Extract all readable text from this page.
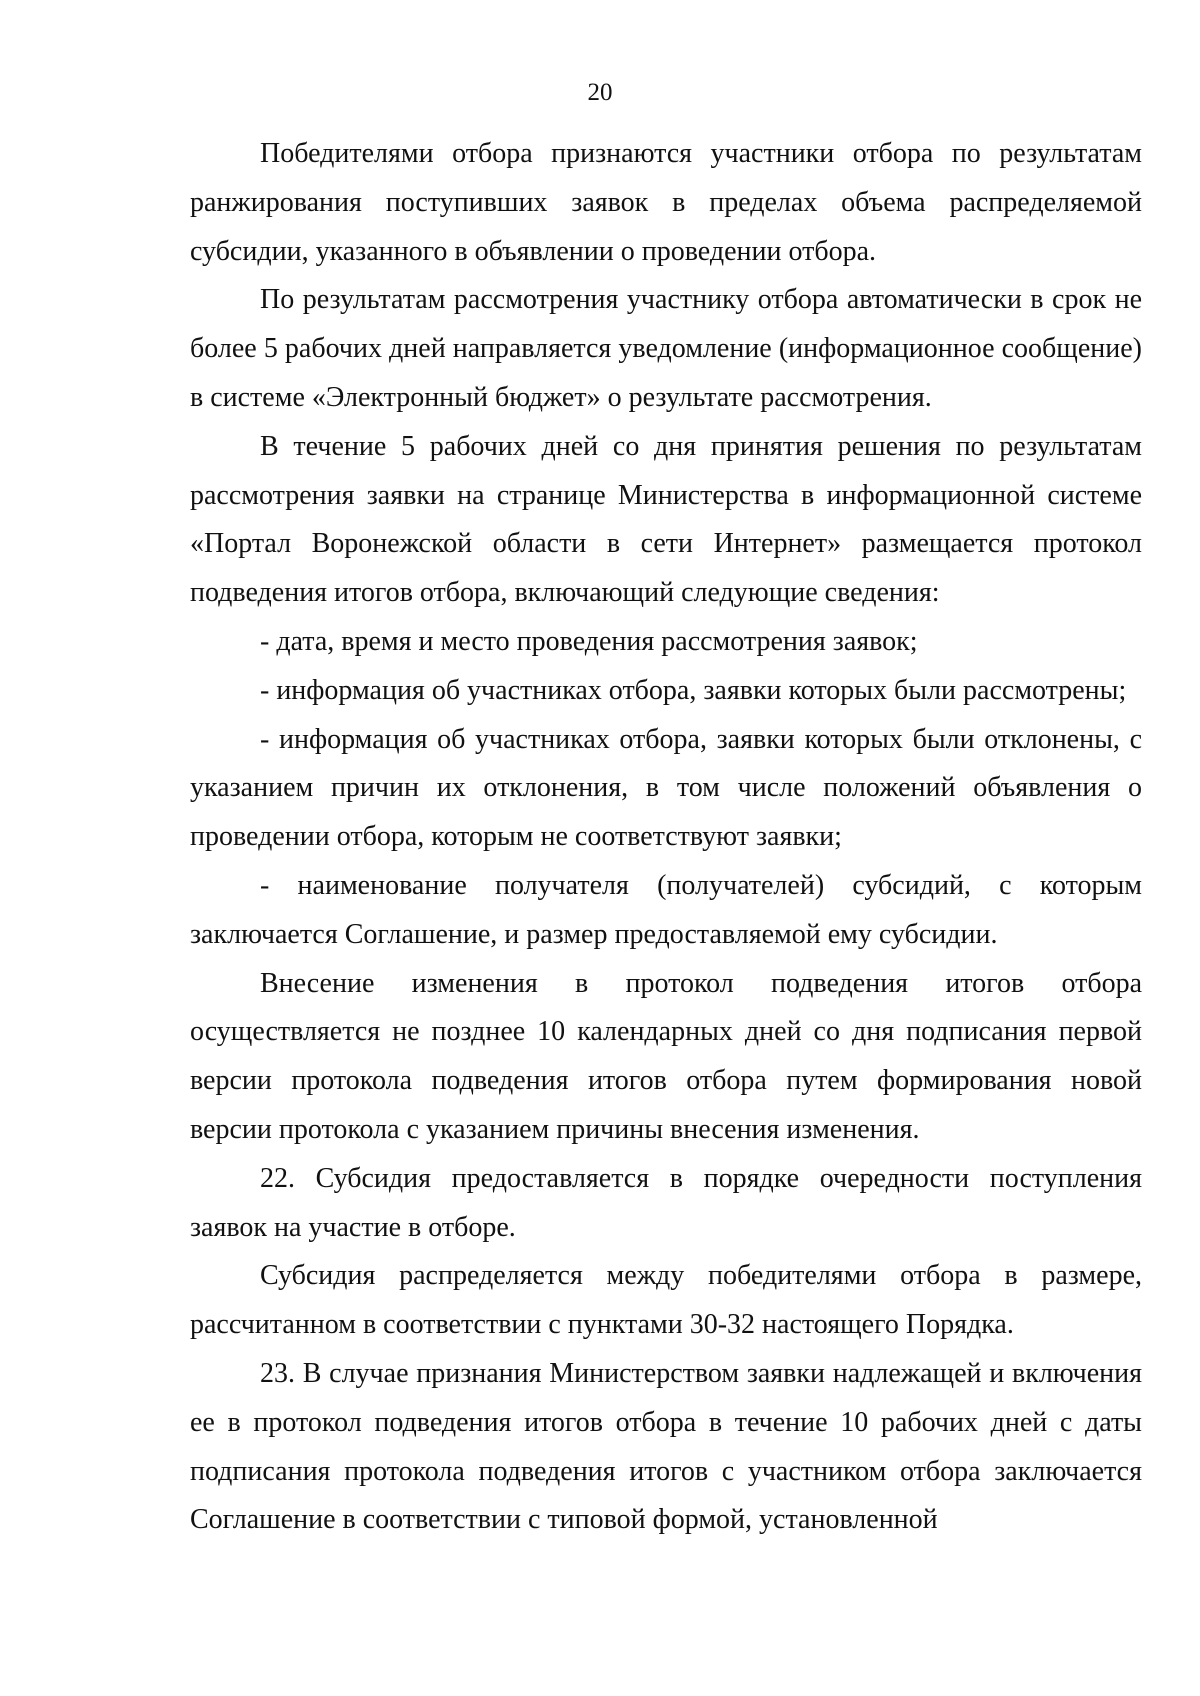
20

Победителями отбора признаются участники отбора по результатам ранжирования поступивших заявок в пределах объема распределяемой субсидии, указанного в объявлении о проведении отбора.

По результатам рассмотрения участнику отбора автоматически в срок не более 5 рабочих дней направляется уведомление (информационное сообщение) в системе «Электронный бюджет» о результате рассмотрения.

В течение 5 рабочих дней со дня принятия решения по результатам рассмотрения заявки на странице Министерства в информационной системе «Портал Воронежской области в сети Интернет» размещается протокол подведения итогов отбора, включающий следующие сведения:

- дата, время и место проведения рассмотрения заявок;

- информация об участниках отбора, заявки которых были рассмотрены;

- информация об участниках отбора, заявки которых были отклонены, с указанием причин их отклонения, в том числе положений объявления о проведении отбора, которым не соответствуют заявки;

- наименование получателя (получателей) субсидий, с которым заключается Соглашение, и размер предоставляемой ему субсидии.

Внесение изменения в протокол подведения итогов отбора осуществляется не позднее 10 календарных дней со дня подписания первой версии протокола подведения итогов отбора путем формирования новой версии протокола с указанием причины внесения изменения.

22. Субсидия предоставляется в порядке очередности поступления заявок на участие в отборе.

Субсидия распределяется между победителями отбора в размере, рассчитанном в соответствии с пунктами 30-32 настоящего Порядка.

23. В случае признания Министерством заявки надлежащей и включения ее в протокол подведения итогов отбора в течение 10 рабочих дней с даты подписания протокола подведения итогов с участником отбора заключается Соглашение в соответствии с типовой формой, установленной
